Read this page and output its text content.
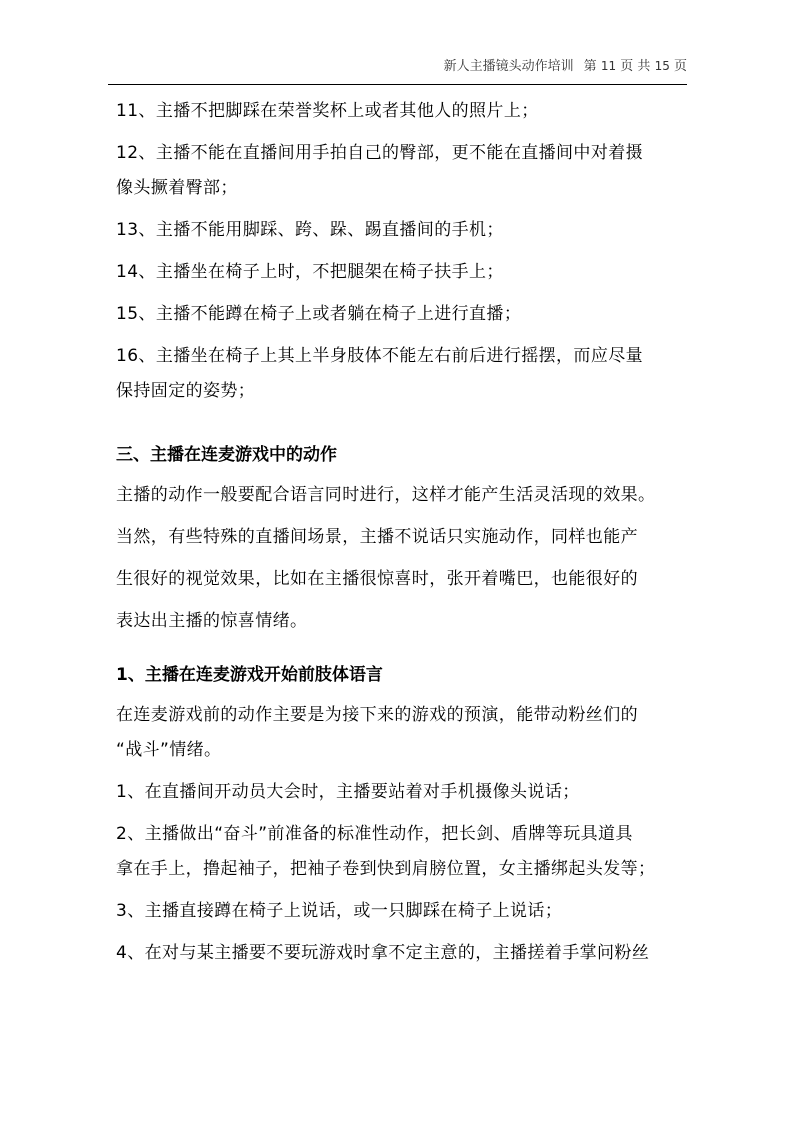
新人主播镜头动作培训 第 11 页 共 15 页
11、主播不把脚踩在荣誉奖杯上或者其他人的照片上；
12、主播不能在直播间用手拍自己的臀部，更不能在直播间中对着摄
像头撅着臀部；
13、主播不能用脚踩、跨、跺、踢直播间的手机；
14、主播坐在椅子上时，不把腿架在椅子扶手上；
15、主播不能蹲在椅子上或者躺在椅子上进行直播；
16、主播坐在椅子上其上半身肢体不能左右前后进行摇摆，而应尽量
保持固定的姿势；
三、主播在连麦游戏中的动作
主播的动作一般要配合语言同时进行，这样才能产生活灵活现的效果。
当然，有些特殊的直播间场景，主播不说话只实施动作，同样也能产
生很好的视觉效果，比如在主播很惊喜时，张开着嘴巴，也能很好的
表达出主播的惊喜情绪。
1、主播在连麦游戏开始前肢体语言
在连麦游戏前的动作主要是为接下来的游戏的预演，能带动粉丝们的
“战斗”情绪。
1、在直播间开动员大会时，主播要站着对手机摄像头说话；
2、主播做出“奋斗”前准备的标准性动作，把长剑、盾牌等玩具道具
拿在手上，撸起袖子，把袖子卷到快到肩膀位置，女主播绑起头发等；
3、主播直接蹲在椅子上说话，或一只脚踩在椅子上说话；
4、在对与某主播要不要玩游戏时拿不定主意的，主播搓着手掌问粉丝
